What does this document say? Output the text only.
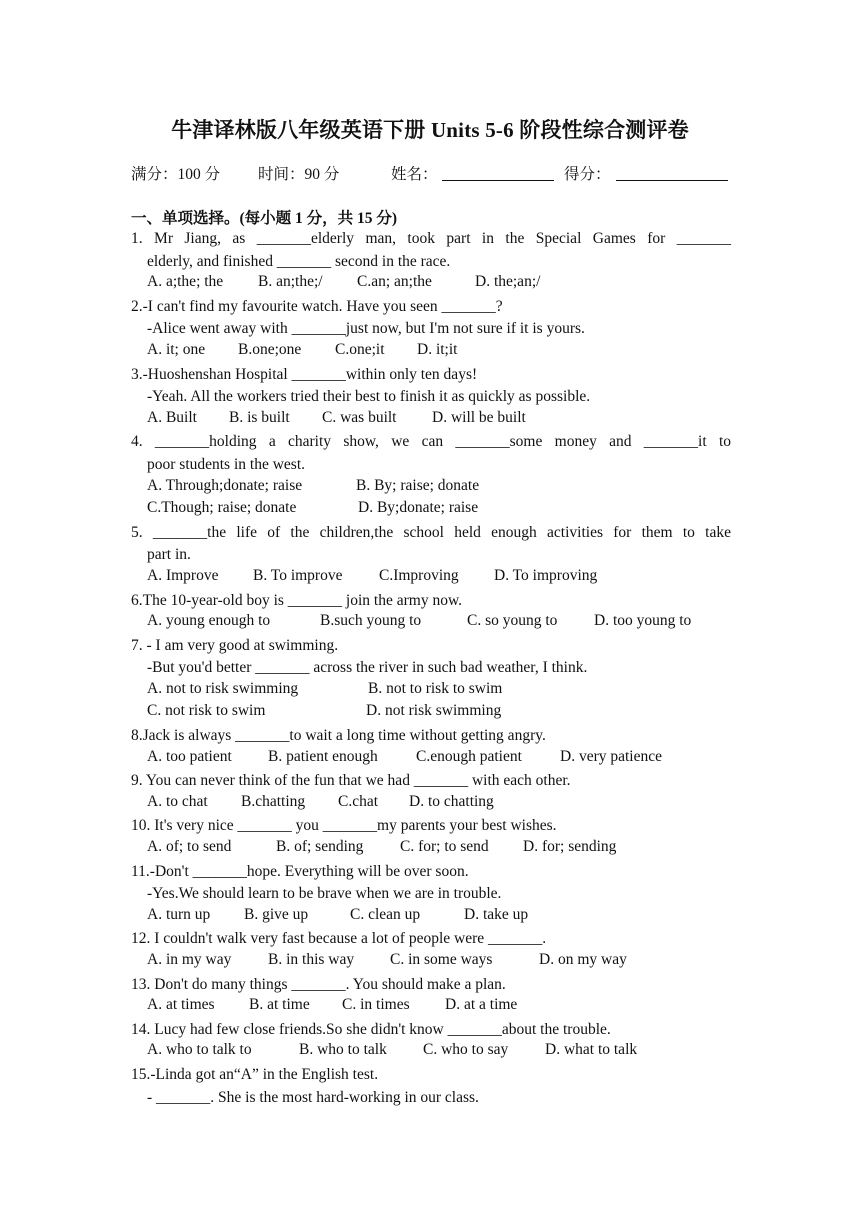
牛津译林版八年级英语下册 Units 5-6 阶段性综合测评卷
满分：100 分 时间：90 分	姓名：	得分：
一、单项选择。(每小题 1 分，共 15 分)
1. Mr Jiang, as _______elderly man, took part in the Special Games for _______
elderly, and finished _______ second in the race.
A. a;the; the B. an;the;/ C.an; an;the	D. the;an;/
2.-I can't find my favourite watch. Have you seen _______?
-Alice went away with _______just now, but I'm not sure if it is yours.
A. it; one B.one;one C.one;it D. it;it
3.-Huoshenshan Hospital _______within only ten days!
-Yeah. All the workers tried their best to finish it as quickly as possible.
A. Built B. is built C. was built D. will be built
4. _______holding a charity show, we can _______some money and _______it to
poor students in the west.
A. Through;donate; raise	B. By; raise; donate
C.Though; raise; donate	D. By;donate; raise
5. _______the life of the children,the school held enough activities for them to take
part in.
A. Improve B. To improve C.Improving D. To improving
6.The 10-year-old boy is _______ join the army now.
A. young enough to	B.such young to	C. so young to D. too young to
7. - I am very good at swimming.
-But you'd better _______ across the river in such bad weather, I think.
A. not to risk swimming	B. not to risk to swim
C. not risk to swim	D. not risk swimming
8.Jack is always _______to wait a long time without getting angry.
A. too patient B. patient enough C.enough patient D. very patience
9. You can never think of the fun that we had _______ with each other.
A. to chat B.chatting C.chat D. to chatting
10. It's very nice _______ you _______my parents your best wishes.
A. of; to send	B. of; sending C. for; to send D. for; sending
11.-Don't _______hope. Everything will be over soon.
-Yes.We should learn to be brave when we are in trouble.
A. turn up B. give up	C. clean up	D. take up
12. I couldn't walk very fast because a lot of people were _______.
A. in my way B. in this way C. in some ways	D. on my way
13. Don't do many things _______. You should make a plan.
A. at times B. at time C. in times D. at a time
14. Lucy had few close friends.So she didn't know _______about the trouble.
A. who to talk to	B. who to talk C. who to say D. what to talk
15.-Linda got an“A” in the English test.
- _______. She is the most hard-working in our class.
